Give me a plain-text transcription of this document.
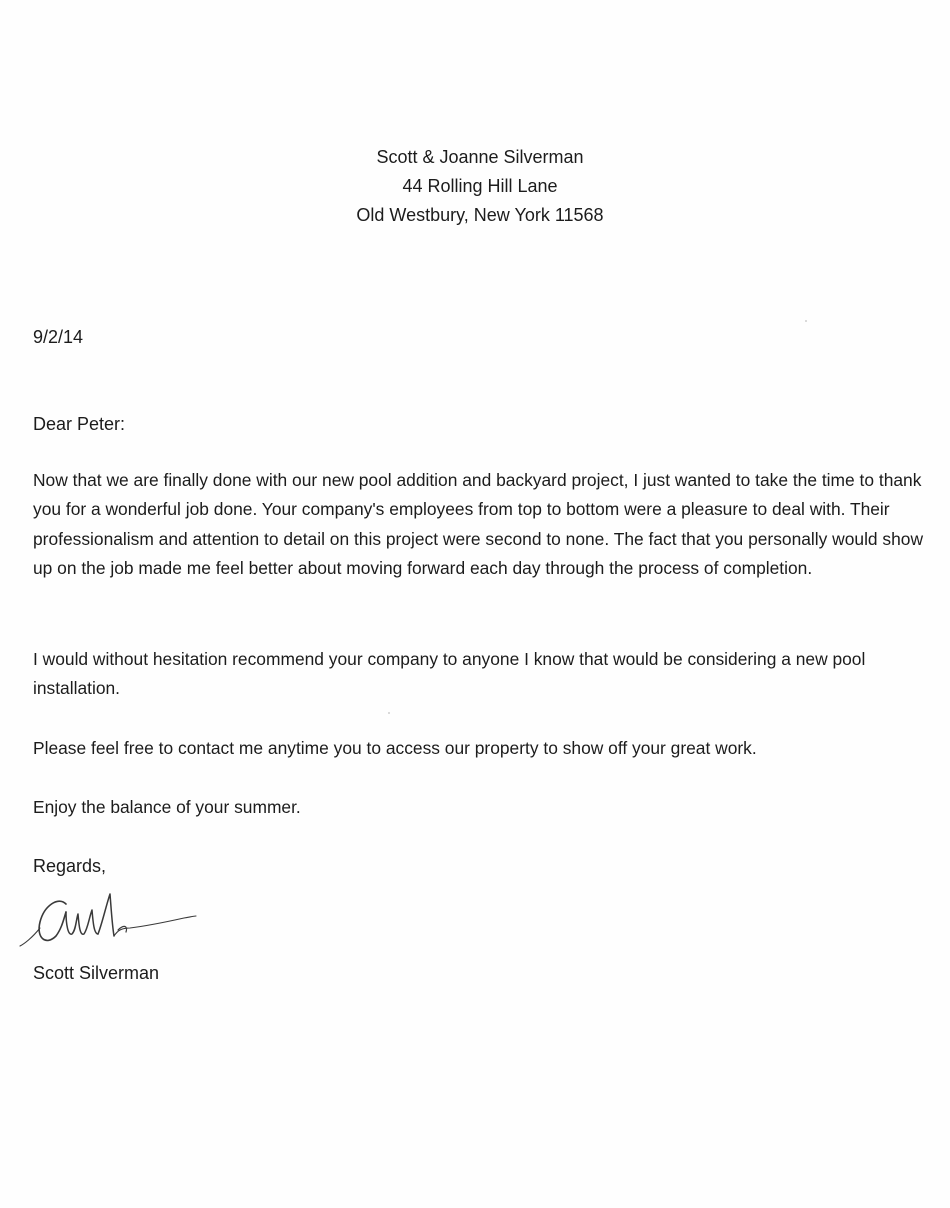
Scott & Joanne Silverman
44 Rolling Hill Lane
Old Westbury, New York 11568
9/2/14
Dear Peter:

Now that we are finally done with our new pool addition and backyard project, I just wanted to take the time to thank you for a wonderful job done. Your company's employees from top to bottom were a pleasure to deal with. Their professionalism and attention to detail on this project were second to none. The fact that you personally would show up on the job made me feel better about moving forward each day through the process of completion.

I would without hesitation recommend your company to anyone I know that would be considering a new pool installation.

Please feel free to contact me anytime you to access our property to show off your great work.

Enjoy the balance of your summer.

Regards,
Scott Silverman
